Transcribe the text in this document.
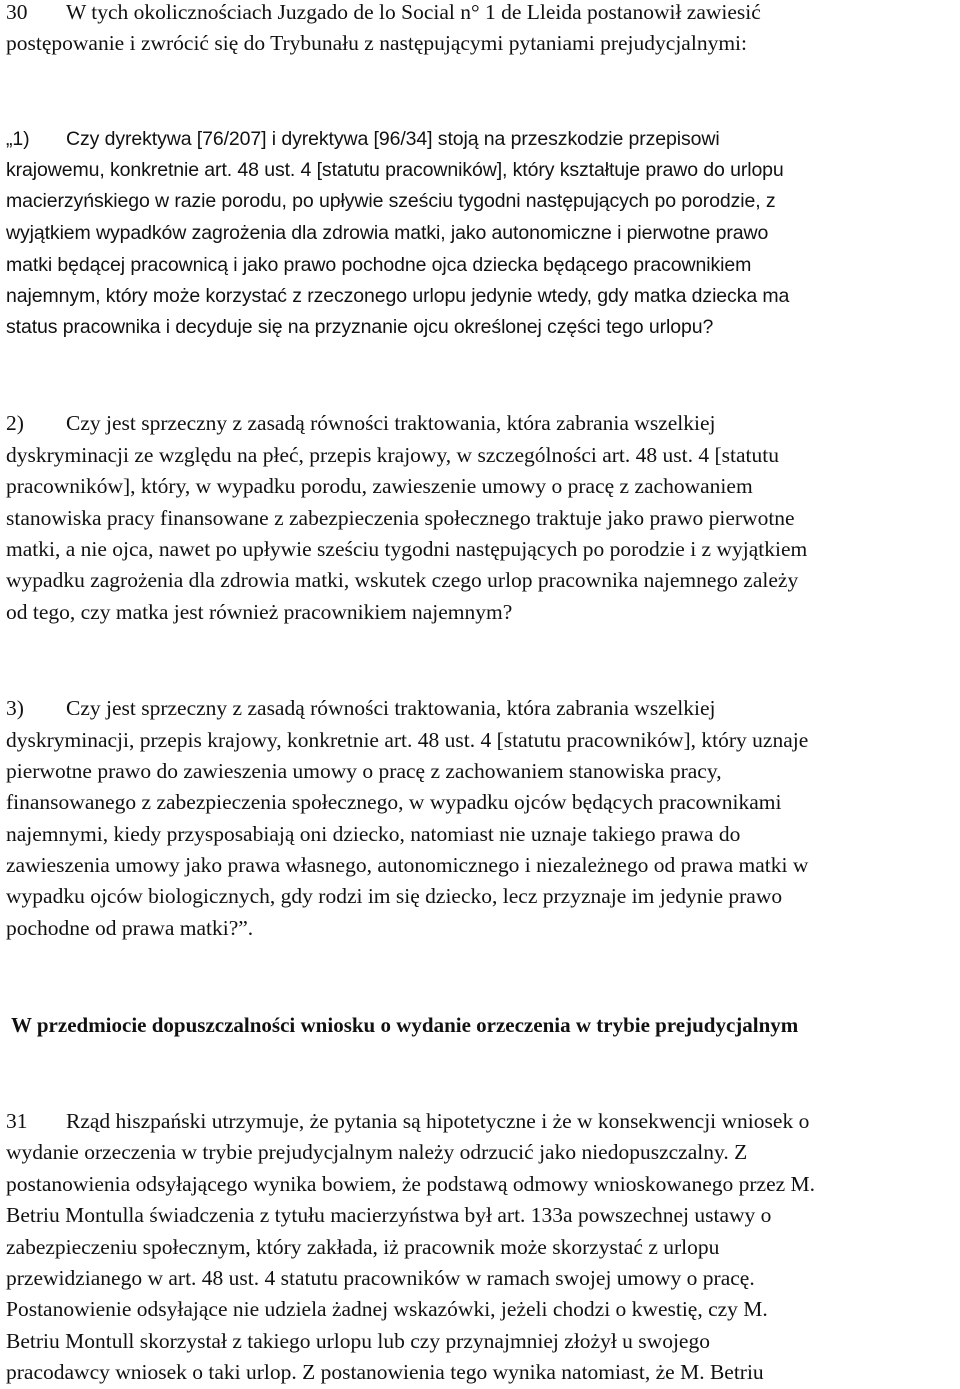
30 W tych okolicznościach Juzgado de lo Social n° 1 de Lleida postanowił zawiesić
postępowanie i zwrócić się do Trybunału z następującymi pytaniami prejudycjalnymi:
„1) Czy dyrektywa [76/207] i dyrektywa [96/34] stoją na przeszkodzie przepisowi
krajowemu, konkretnie art. 48 ust. 4 [statutu pracowników], który kształtuje prawo do urlopu
macierzyńskiego w razie porodu, po upływie sześciu tygodni następujących po porodzie, z
wyjątkiem wypadków zagrożenia dla zdrowia matki, jako autonomiczne i pierwotne prawo
matki będącej pracownicą i jako prawo pochodne ojca dziecka będącego pracownikiem
najemnym, który może korzystać z rzeczonego urlopu jedynie wtedy, gdy matka dziecka ma
status pracownika i decyduje się na przyznanie ojcu określonej części tego urlopu?
2) Czy jest sprzeczny z zasadą równości traktowania, która zabrania wszelkiej
dyskryminacji ze względu na płeć, przepis krajowy, w szczególności art. 48 ust. 4 [statutu
pracowników], który, w wypadku porodu, zawieszenie umowy o pracę z zachowaniem
stanowiska pracy finansowane z zabezpieczenia społecznego traktuje jako prawo pierwotne
matki, a nie ojca, nawet po upływie sześciu tygodni następujących po porodzie i z wyjątkiem
wypadku zagrożenia dla zdrowia matki, wskutek czego urlop pracownika najemnego zależy
od tego, czy matka jest również pracownikiem najemnym?
3) Czy jest sprzeczny z zasadą równości traktowania, która zabrania wszelkiej
dyskryminacji, przepis krajowy, konkretnie art. 48 ust. 4 [statutu pracowników], który uznaje
pierwotne prawo do zawieszenia umowy o pracę z zachowaniem stanowiska pracy,
finansowanego z zabezpieczenia społecznego, w wypadku ojców będących pracownikami
najemnymi, kiedy przysposabiają oni dziecko, natomiast nie uznaje takiego prawa do
zawieszenia umowy jako prawa własnego, autonomicznego i niezależnego od prawa matki w
wypadku ojców biologicznych, gdy rodzi im się dziecko, lecz przyznaje im jedynie prawo
pochodne od prawa matki?”.
W przedmiocie dopuszczalności wniosku o wydanie orzeczenia w trybie prejudycjalnym
31 Rząd hiszpański utrzymuje, że pytania są hipotetyczne i że w konsekwencji wniosek o
wydanie orzeczenia w trybie prejudycjalnym należy odrzucić jako niedopuszczalny. Z
postanowienia odsyłającego wynika bowiem, że podstawą odmowy wnioskowanego przez M.
Betriu Montulla świadczenia z tytułu macierzyństwa był art. 133a powszechnej ustawy o
zabezpieczeniu społecznym, który zakłada, iż pracownik może skorzystać z urlopu
przewidzianego w art. 48 ust. 4 statutu pracowników w ramach swojej umowy o pracę.
Postanowienie odsyłające nie udziela żadnej wskazówki, jeżeli chodzi o kwestię, czy M.
Betriu Montull skorzystał z takiego urlopu lub czy przynajmniej złożył u swojego
pracodawcy wniosek o taki urlop. Z postanowienia tego wynika natomiast, że M. Betriu
